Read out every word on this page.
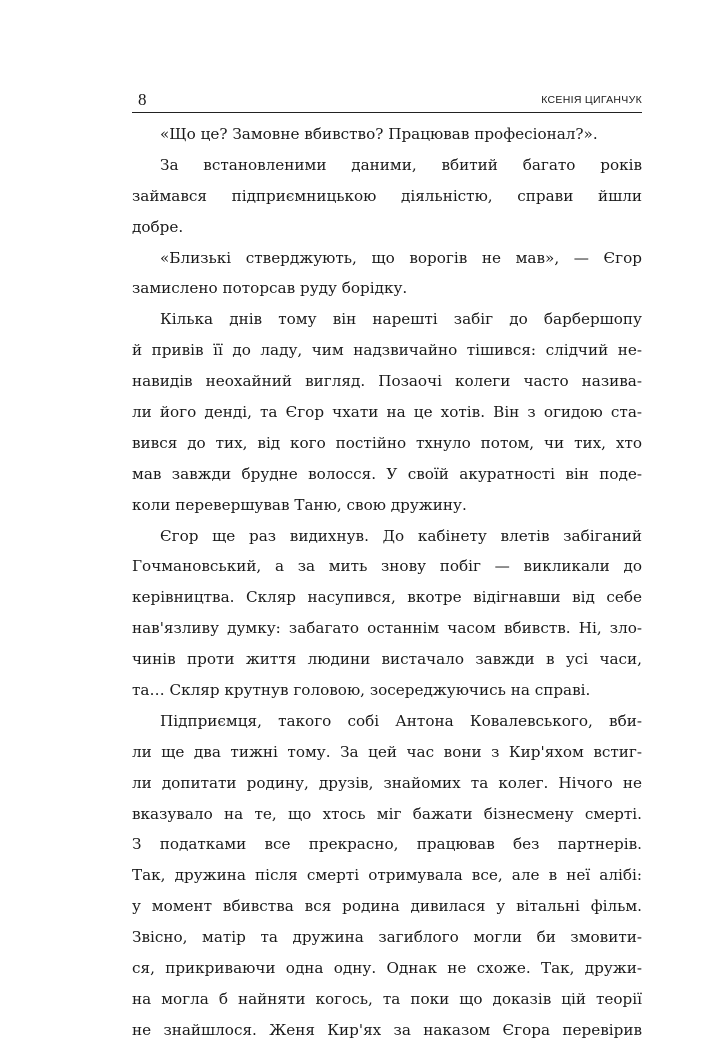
8	КСЕНІЯ ЦИГАНЧУК
«Що це? Замовне вбивство? Працював професіонал?».
За встановленими даними, вбитий багато років
займався підприємницькою діяльністю, справи йшли
добре.
«Близькі стверджують, що ворогів не мав», — Єгор
замислено потоpсав руду борідку.
Кілька днів тому він нарешті забіг до барбершопу
й привів її до ладу, чим надзвичайно тішився: слідчий не-
навидів неохайний вигляд. Позаочі колеги часто назива-
ли його денді, та Єгор чхати на це хотів. Він з огидою ста-
вився до тих, від кого постійно тхнуло потом, чи тих, хто
мав завжди брудне волосся. У своїй акуратності він поде-
коли перевершував Таню, свою дружину.
Єгор ще раз видихнув. До кабінету влетів забіганий
Гочмановський, а за мить знову побіг — викликали до
керівництва. Скляр насупився, вкотре відігнавши від себе
нав'язливу думку: забагато останнім часом вбивств. Ні, зло-
чинів проти життя людини вистачало завжди в усі часи,
та… Скляр крутнув головою, зосереджуючись на справі.
Підприємця, такого собі Антона Ковалевського, вби-
ли ще два тижні тому. За цей час вони з Кир'яхом встиг-
ли допитати родину, друзів, знайомих та колег. Нічого не
вказувало на те, що хтось міг бажати бізнесмену смерті.
З податками все прекрасно, працював без партнерів.
Так, дружина після смерті отримувала все, але в неї алібі:
у момент вбивства вся родина дивилася у вітальні фільм.
Звісно, матір та дружина загиблого могли би змовити-
ся, прикриваючи одна одну. Однак не схоже. Так, дружи-
на могла б найняти когось, та поки що доказів цій теорії
не знайшлося. Женя Кир'ях за наказом Єгора перевірив
